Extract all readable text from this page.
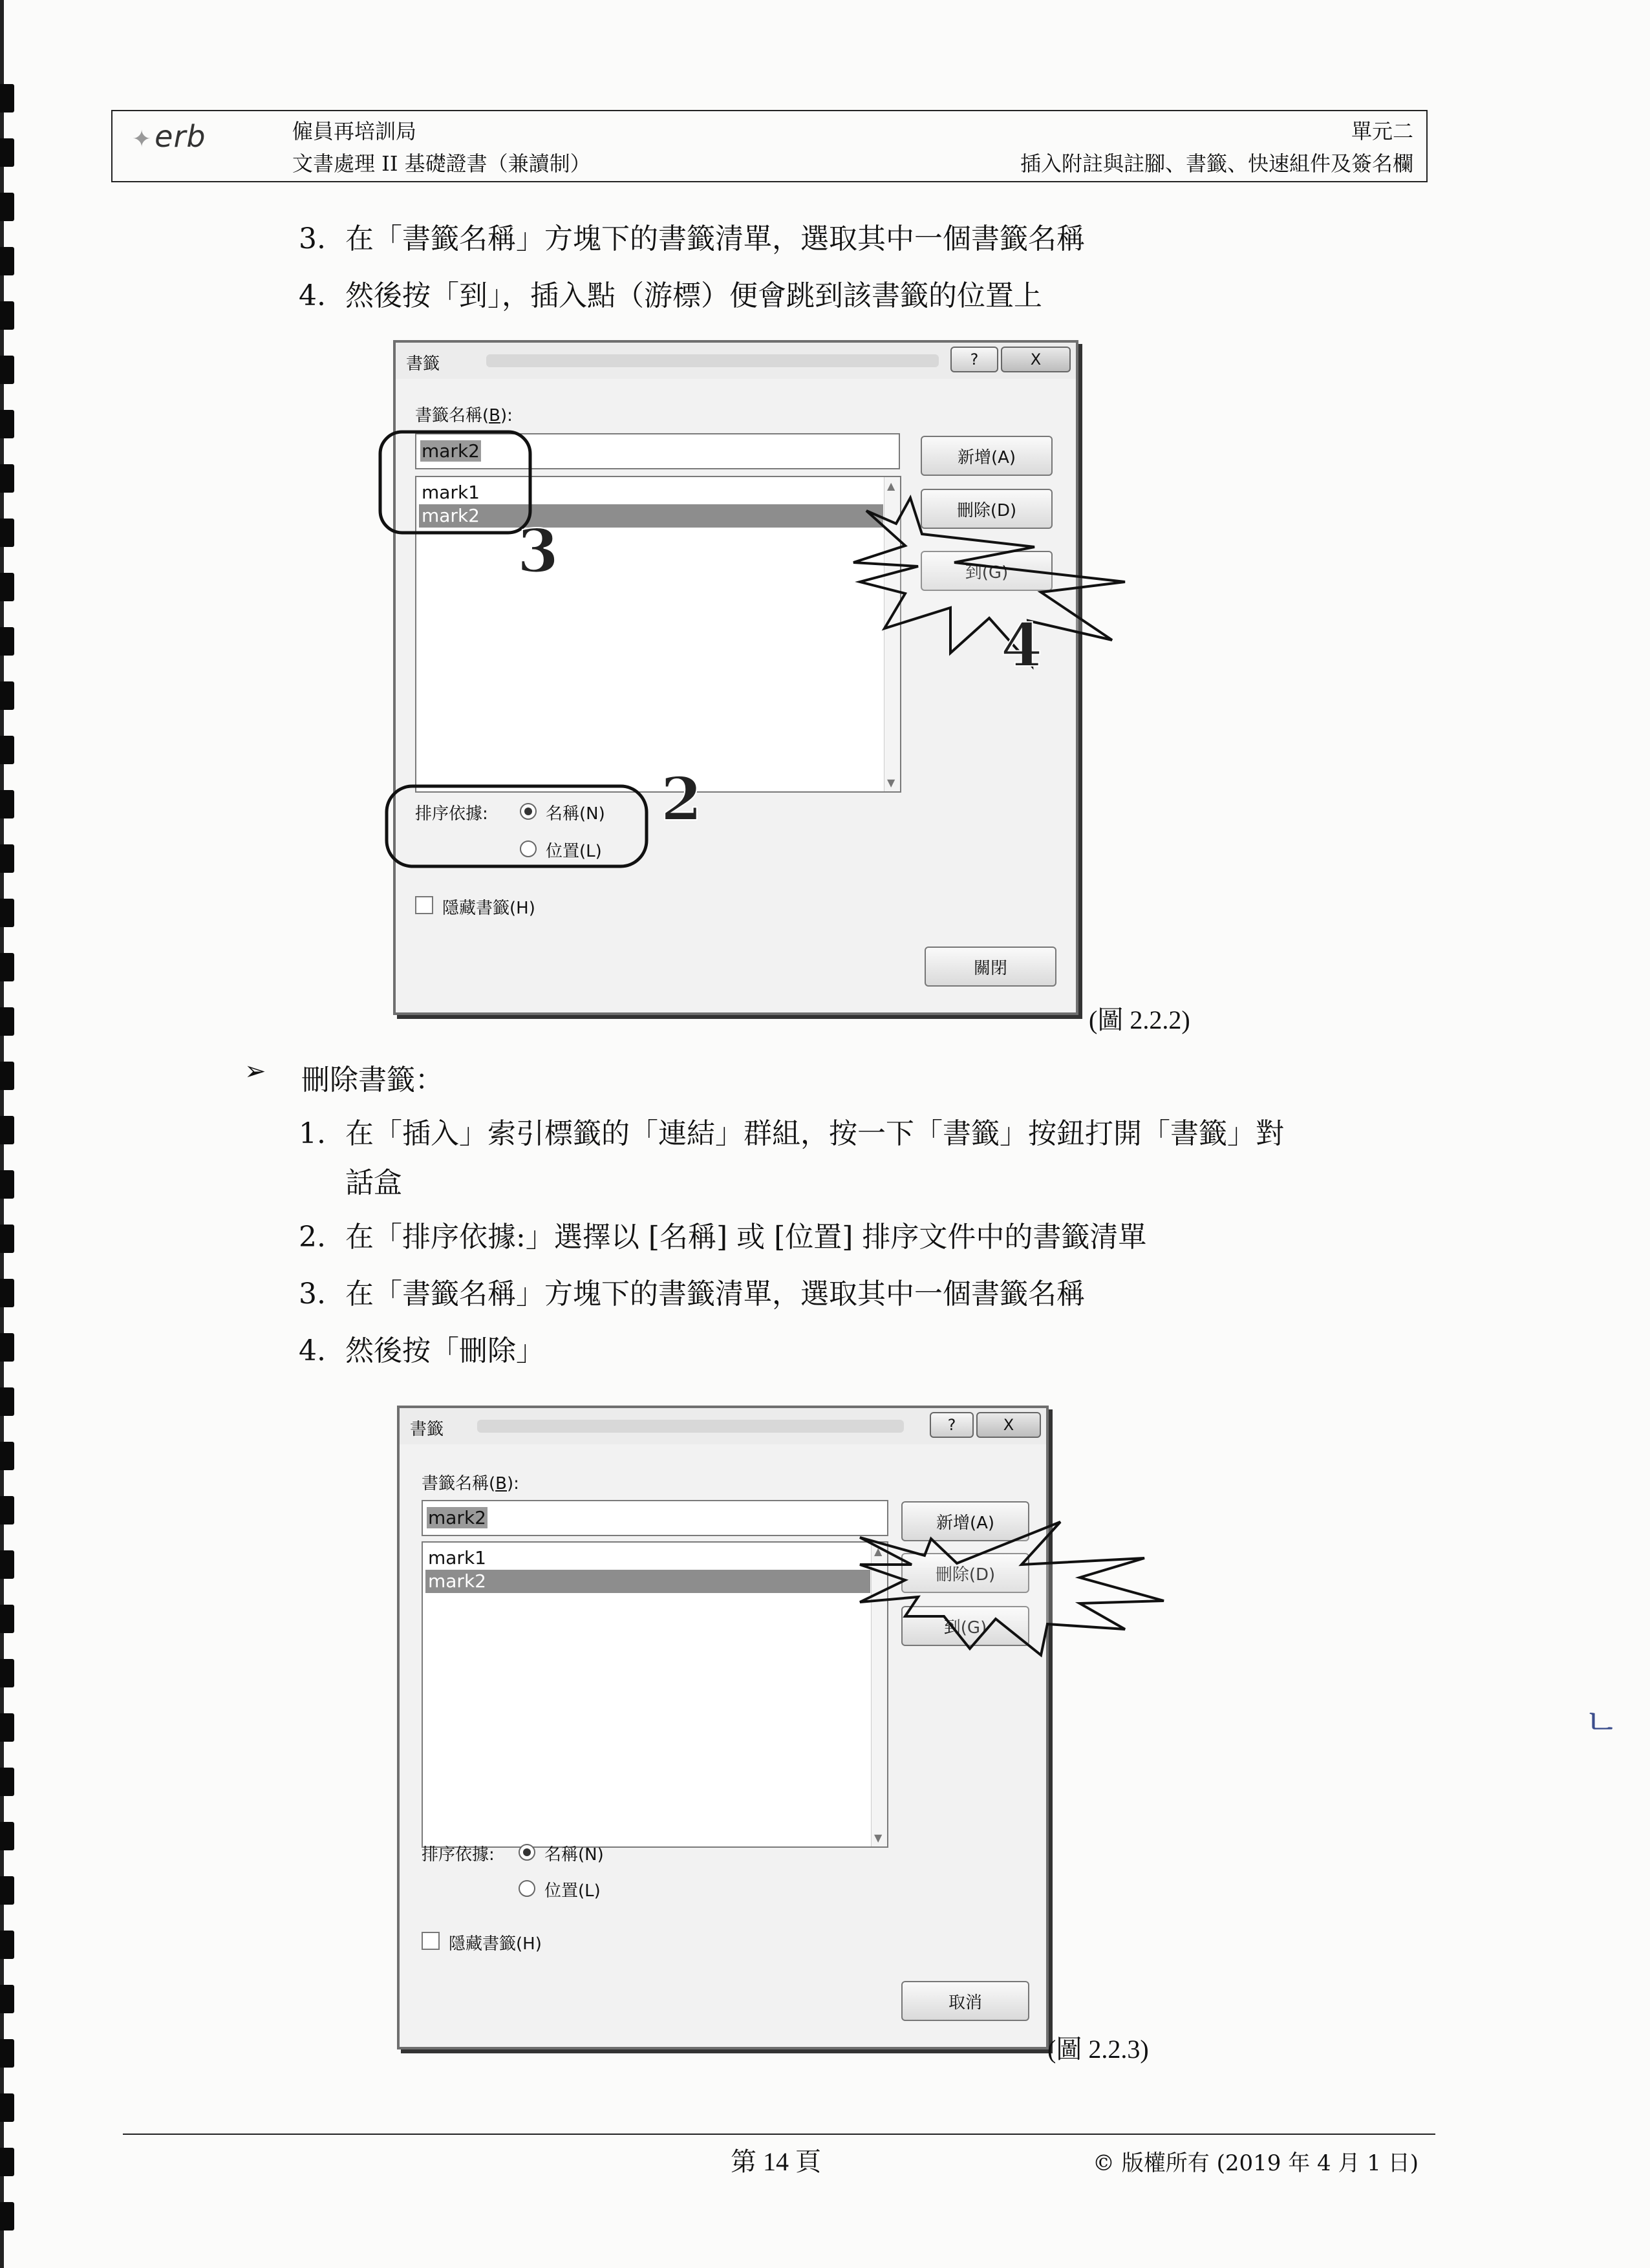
✦erb	僱員再培訓局
文書處理 II 基礎證書（兼讀制）
單元二
插入附註與註腳、書籤、快速組件及簽名欄
3. 在「書籤名稱」方塊下的書籤清單，選取其中一個書籤名稱
4. 然後按「到」，插入點（游標）便會跳到該書籤的位置上
書籤	?	X
書籤名稱(B):
mark2
mark1
mark2
▲
▼
新增(A)
刪除(D)
到(G)
排序依據:	名稱(N)
位置(L)
隱藏書籤(H)
關閉
3
4
2
(圖 2.2.2)
➢ 刪除書籤：
1. 在「插入」索引標籤的「連結」群組，按一下「書籤」按鈕打開「書籤」對
話盒
2. 在「排序依據:」選擇以 [名稱] 或 [位置] 排序文件中的書籤清單
3. 在「書籤名稱」方塊下的書籤清單，選取其中一個書籤名稱
4. 然後按「刪除」
書籤	?	X
書籤名稱(B):
mark2
mark1
mark2
▲
▼
新增(A)
刪除(D)
到(G)
排序依據:	名稱(N)
位置(L)
隱藏書籤(H)
取消
(圖 2.2.3)
ㄴ
第 14 頁	© 版權所有 (2019 年 4 月 1 日)
